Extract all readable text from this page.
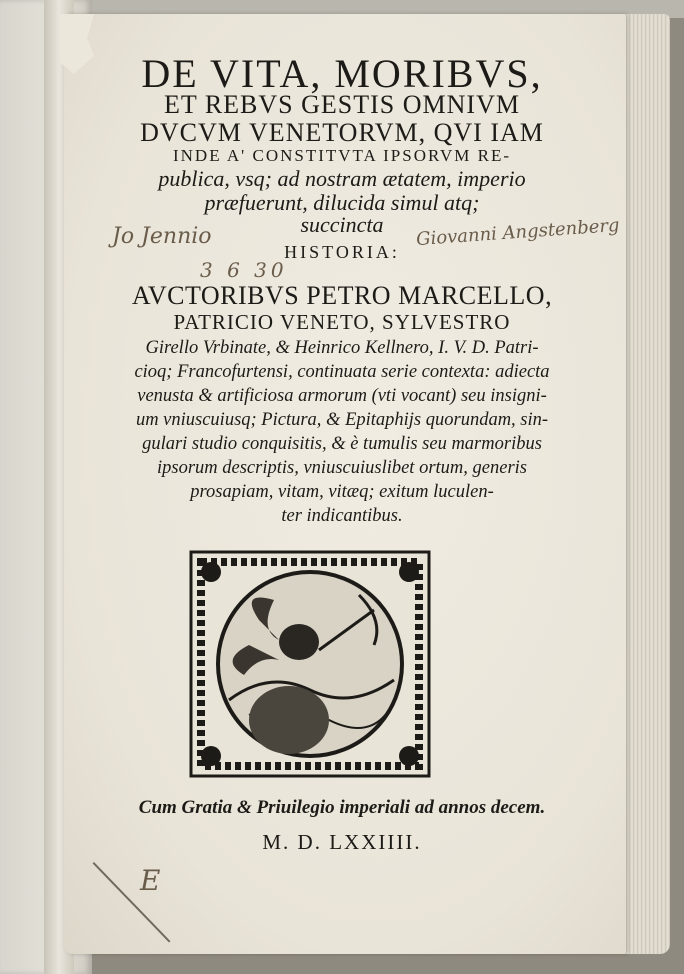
DE VITA, MORIBVS,
ET REBVS GESTIS OMNIVM
DVCVM VENETORVM, QVI IAM
INDE A' CONSTITVTA IPSORVM RE-
publica, vsq; ad nostram ætatem, imperio
præfuerunt, dilucida simul atq;
succincta
HISTORIA:
Jo Jennio	Giovanni Angstenberg
3 6 30
AVCTORIBVS PETRO MARCELLO,
PATRICIO VENETO, SYLVESTRO
Girello Vrbinate, & Heinrico Kellnero, I. V. D. Patri-
cioq; Francofurtensi, continuata serie contexta: adiecta
venusta & artificiosa armorum (vti vocant) seu insigni-
um vniuscuiusq; Pictura, & Epitaphijs quorundam, sin-
gulari studio conquisitis, & è tumulis seu marmoribus
ipsorum descriptis, vniuscuiuslibet ortum, generis
prosapiam, vitam, vitæq; exitum luculen-
ter indicantibus.
Cum Gratia & Priuilegio imperiali ad annos decem.
M. D. LXXIIII.
E
